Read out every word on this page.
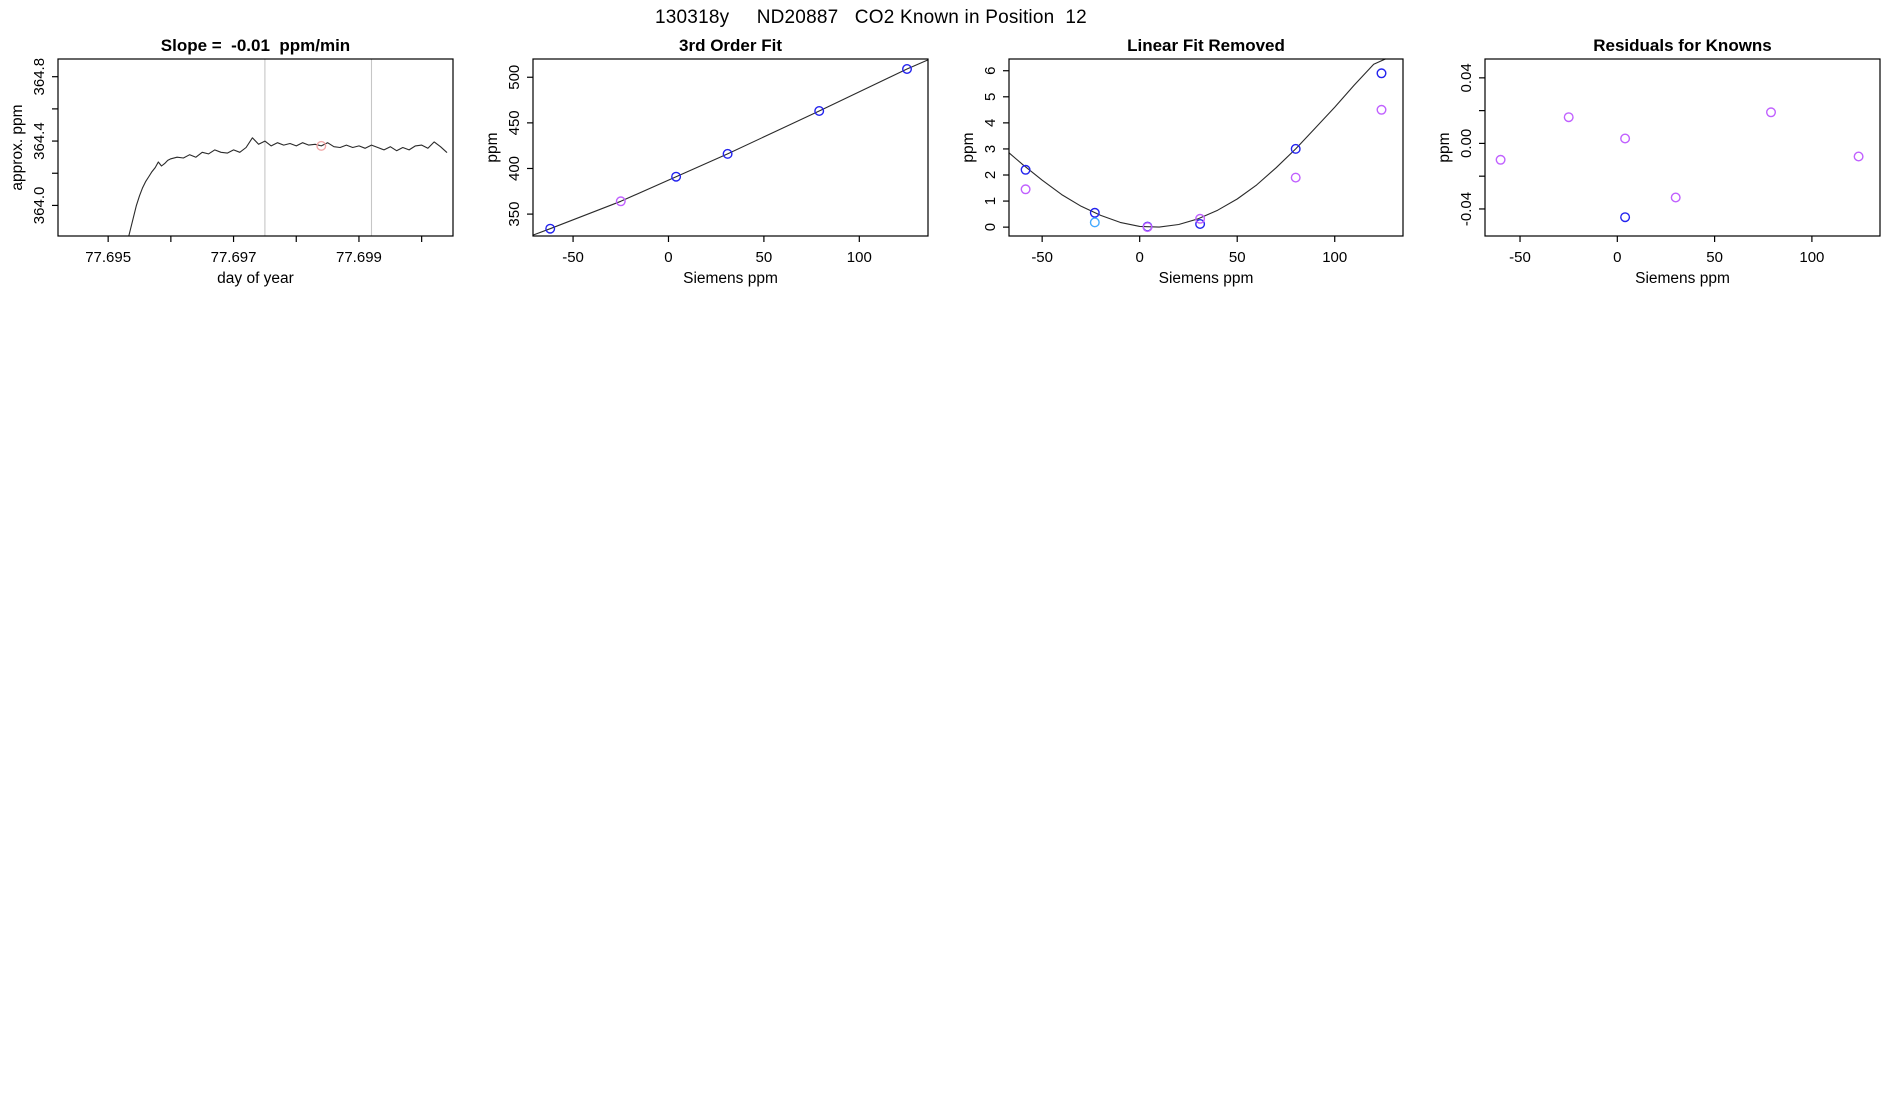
130318y     ND20887   CO2 Known in Position  12
77.695	77.697	77.699
364.0
364.4
364.8
Slope =  -0.01  ppm/min
day of year
approx. ppm
-50	0	50	100
350
400
450
500
3rd Order Fit
Siemens ppm
ppm
-50	0	50	100
0
1
2
3
4
5
6
Linear Fit Removed
Siemens ppm
ppm
-50	0	50	100
-0.04
0.00
0.04
Residuals for Knowns
Siemens ppm
ppm
